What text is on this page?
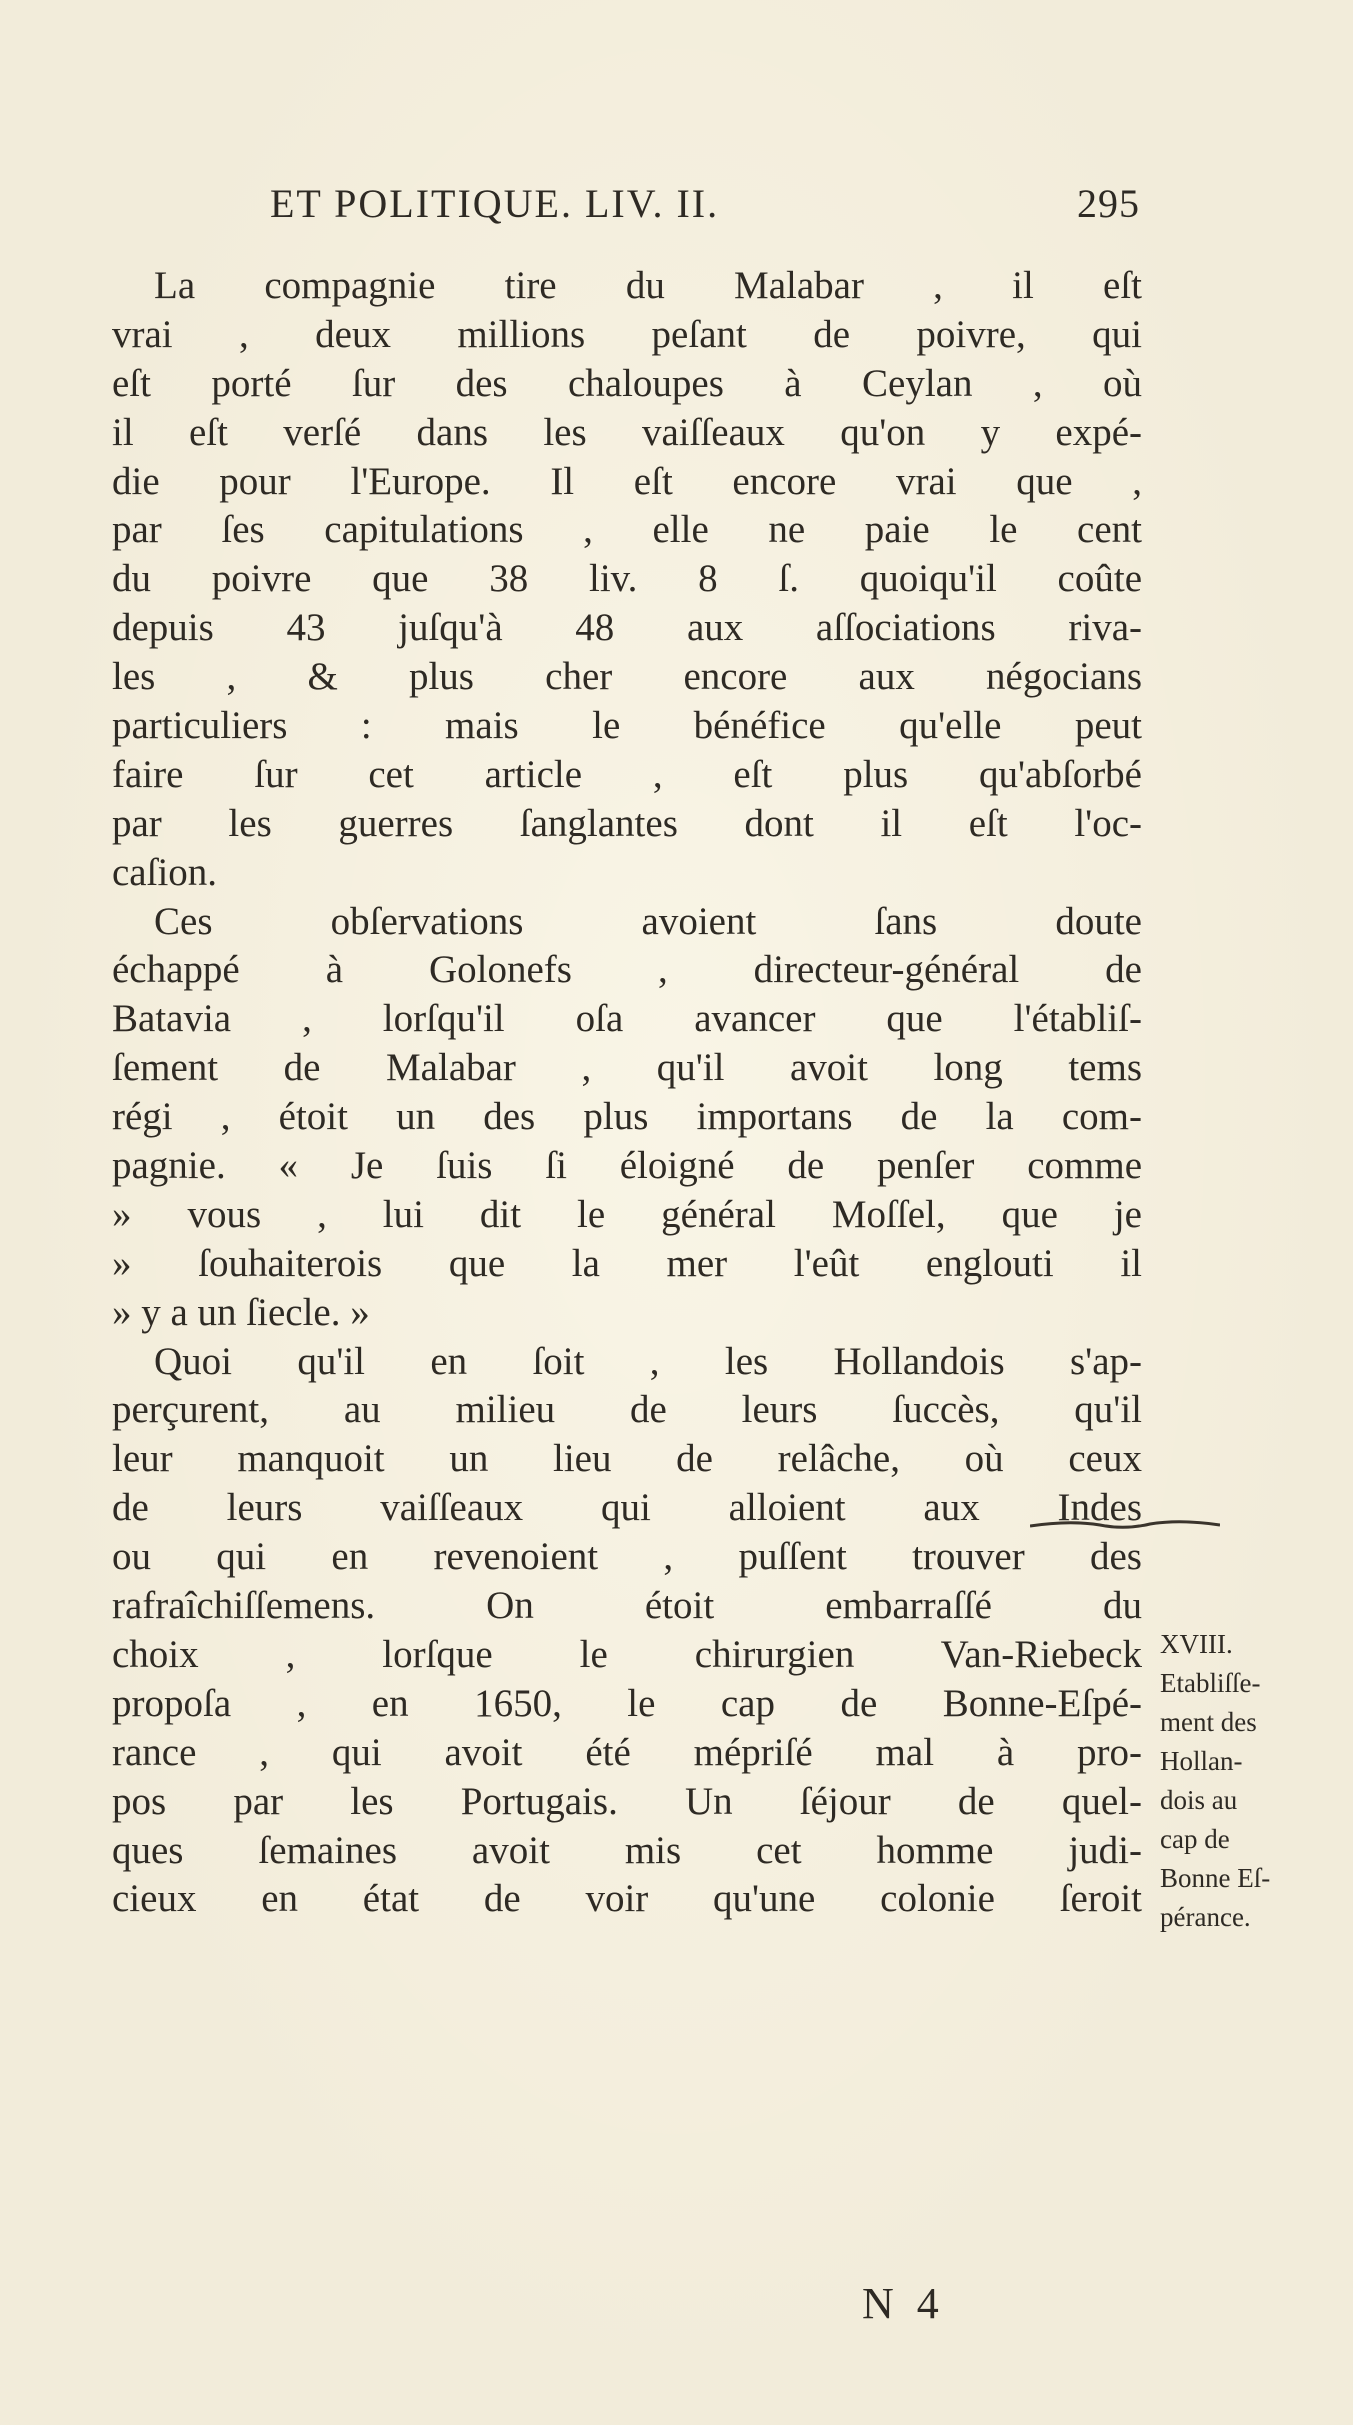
ET POLITIQUE. LIV. II.	295
La compagnie tire du Malabar , il eſt
vrai , deux millions peſant de poivre, qui
eſt porté ſur des chaloupes à Ceylan , où
il eſt verſé dans les vaiſſeaux qu'on y expé-
die pour l'Europe. Il eſt encore vrai que ,
par ſes capitulations , elle ne paie le cent
du poivre que 38 liv. 8 ſ. quoiqu'il coûte
depuis 43 juſqu'à 48 aux aſſociations riva-
les , & plus cher encore aux négocians
particuliers : mais le bénéfice qu'elle peut
faire ſur cet article , eſt plus qu'abſorbé
par les guerres ſanglantes dont il eſt l'oc-
caſion.
Ces obſervations avoient ſans doute
échappé à Golonefs , directeur-général de
Batavia , lorſqu'il oſa avancer que l'établiſ-
ſement de Malabar , qu'il avoit long tems
régi , étoit un des plus importans de la com-
pagnie. « Je ſuis ſi éloigné de penſer comme
» vous , lui dit le général Moſſel, que je
» ſouhaiterois que la mer l'eût englouti il
» y a un ſiecle. »
Quoi qu'il en ſoit , les Hollandois s'ap-
perçurent, au milieu de leurs ſuccès, qu'il
leur manquoit un lieu de relâche, où ceux
de leurs vaiſſeaux qui alloient aux Indes
ou qui en revenoient , puſſent trouver des
rafraîchiſſemens. On étoit embarraſſé du
choix , lorſque le chirurgien Van-Riebeck
propoſa , en 1650, le cap de Bonne-Eſpé-
rance , qui avoit été mépriſé mal à pro-
pos par les Portugais. Un ſéjour de quel-
ques ſemaines avoit mis cet homme judi-
cieux en état de voir qu'une colonie ſeroit
XVIII.
Etabliſſe-
ment des
Hollan-
dois au
cap de
Bonne Eſ-
pérance.
N 4
